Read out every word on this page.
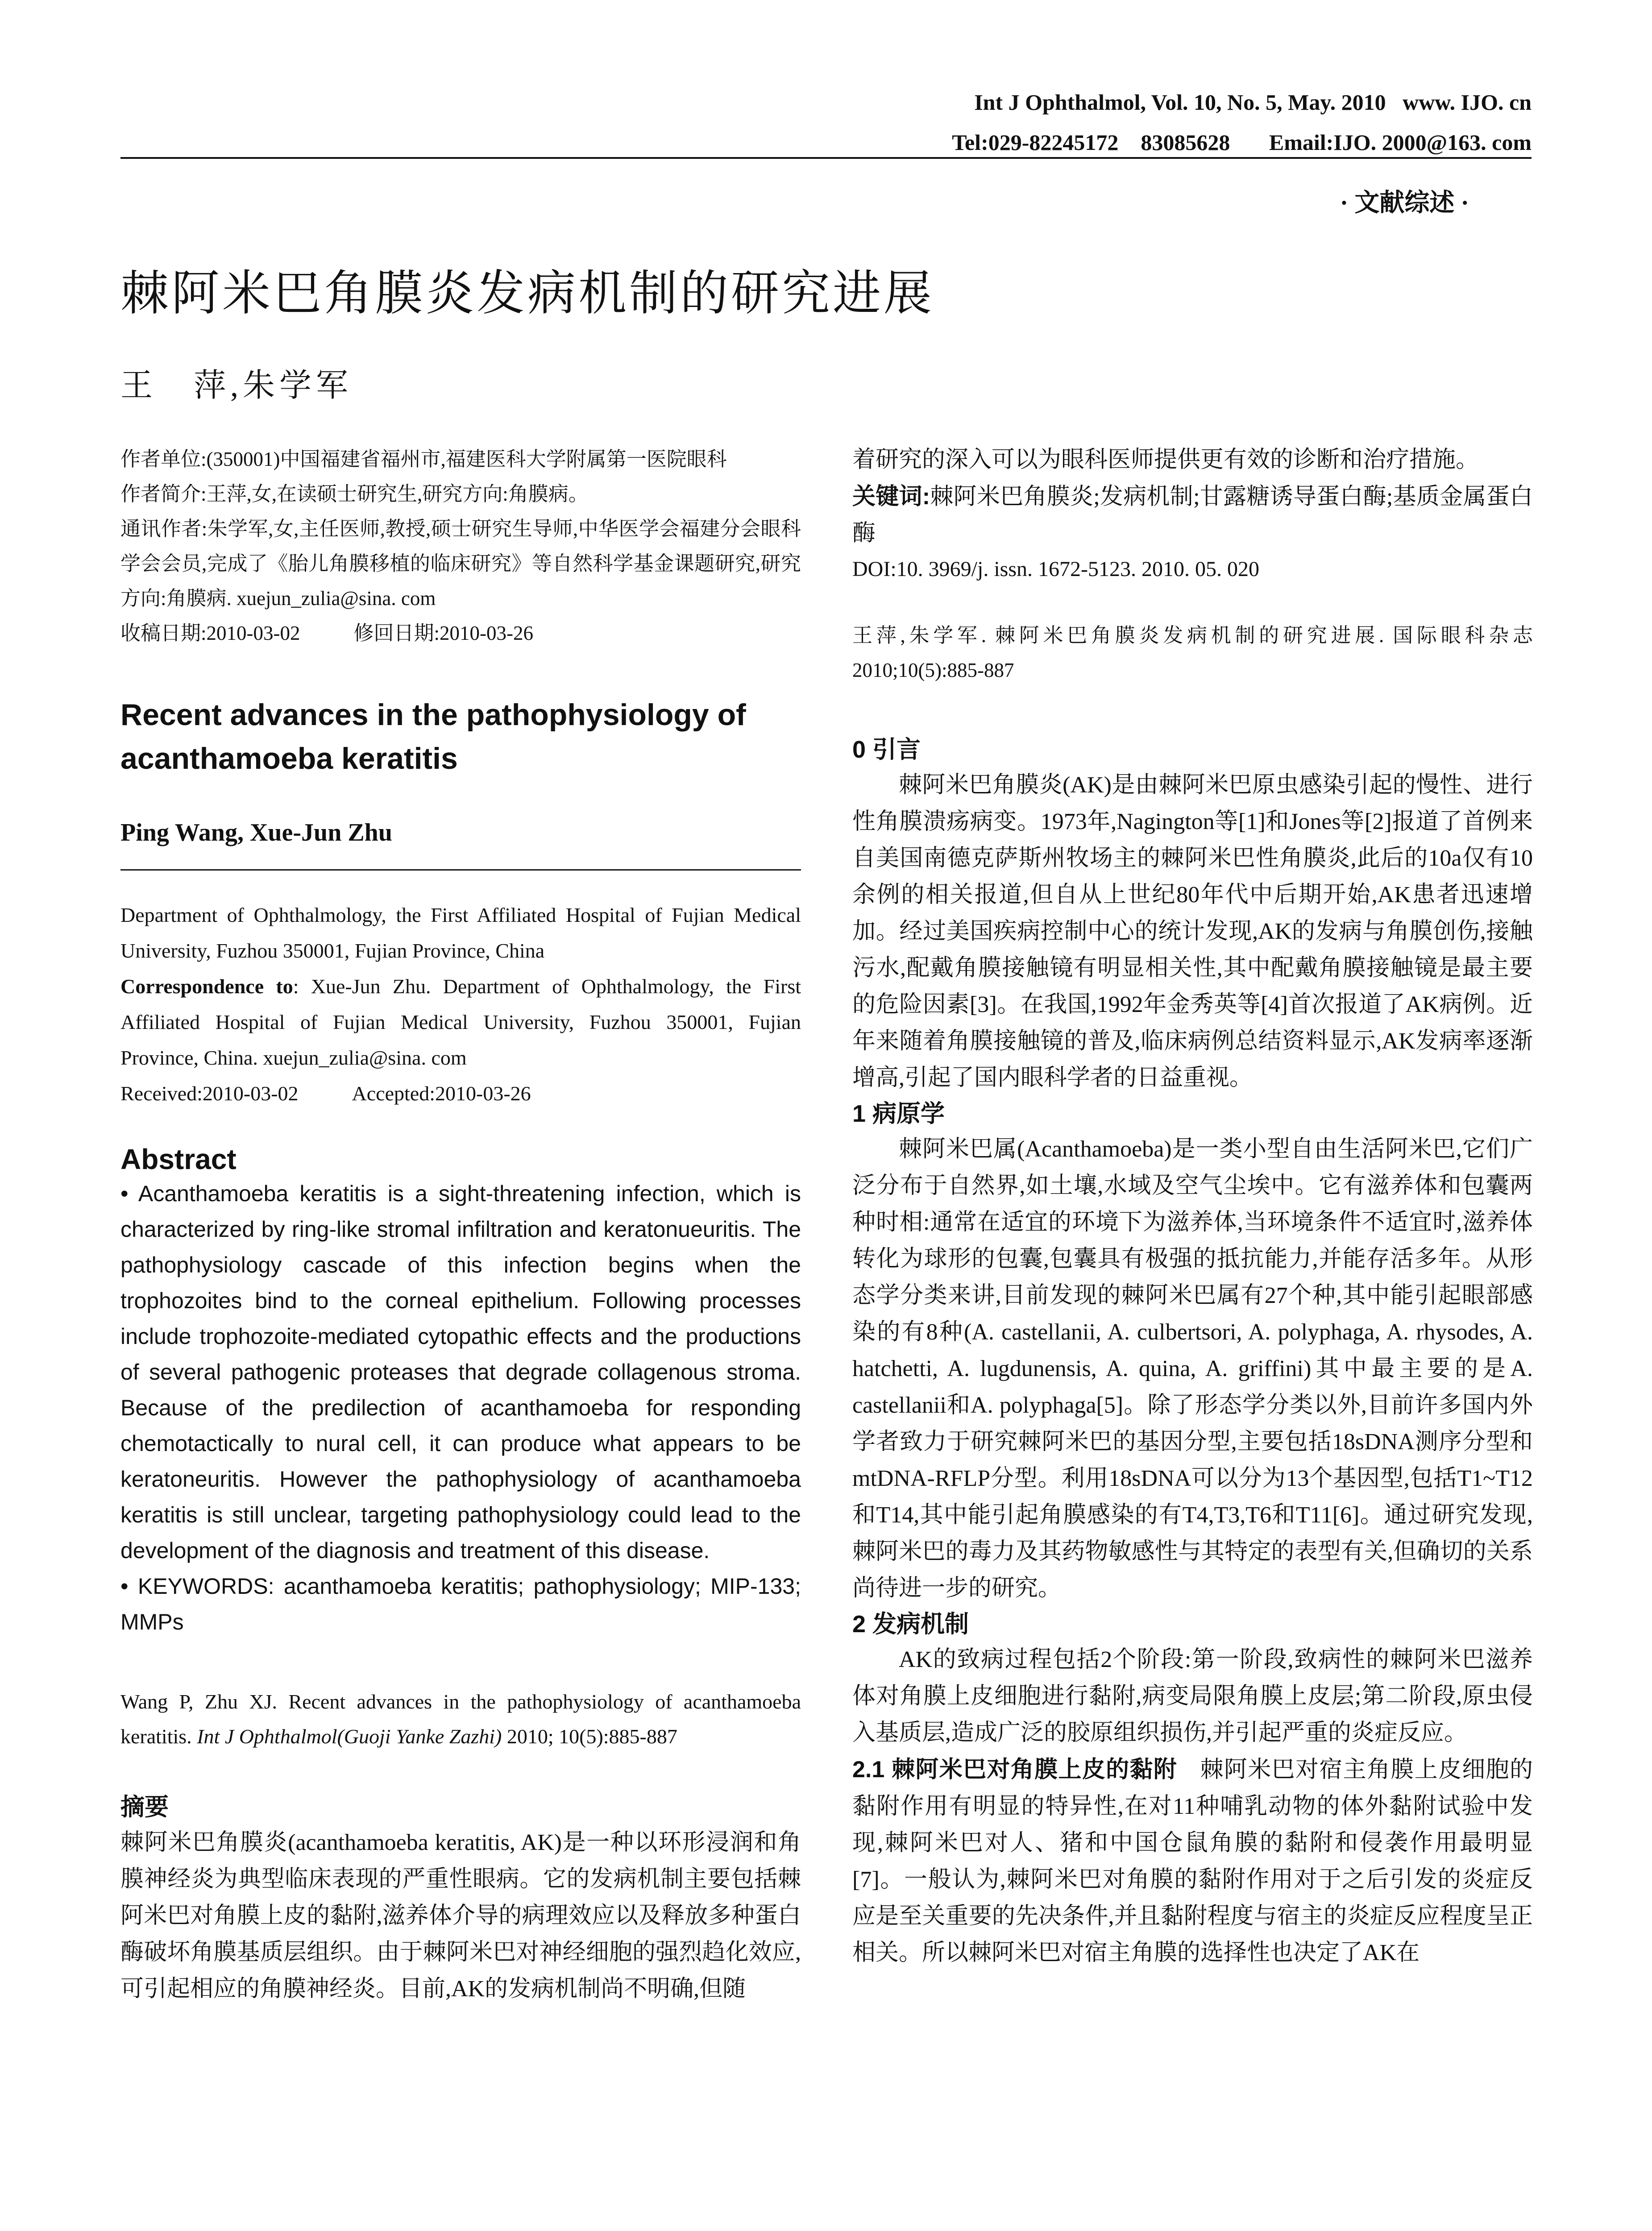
Int J Ophthalmol, Vol. 10, No. 5, May. 2010   www. IJO. cn
Tel:029-82245172    83085628       Email:IJO. 2000@163. com
· 文献综述 ·
棘阿米巴角膜炎发病机制的研究进展
王　萍,朱学军

作者单位:(350001)中国福建省福州市,福建医科大学附属第一医院眼科

作者简介:王萍,女,在读硕士研究生,研究方向:角膜病。

通讯作者:朱学军,女,主任医师,教授,硕士研究生导师,中华医学会福建分会眼科学会会员,完成了《胎儿角膜移植的临床研究》等自然科学基金课题研究,研究方向:角膜病. xuejun_zulia@sina. com

收稿日期:2010-03-02	修回日期:2010-03-26

Recent advances in the pathophysiology of acanthamoeba keratitis

Ping Wang, Xue-Jun Zhu

Department of Ophthalmology, the First Affiliated Hospital of Fujian Medical University, Fuzhou 350001, Fujian Province, China

Correspondence to: Xue-Jun Zhu. Department of Ophthalmology, the First Affiliated Hospital of Fujian Medical University, Fuzhou 350001, Fujian Province, China. xuejun_zulia@sina. com

Received:2010-03-02	Accepted:2010-03-26

Abstract

• Acanthamoeba keratitis is a sight-threatening infection, which is characterized by ring-like stromal infiltration and keratonueuritis. The pathophysiology cascade of this infection begins when the trophozoites bind to the corneal epithelium. Following processes include trophozoite-mediated cytopathic effects and the productions of several pathogenic proteases that degrade collagenous stroma. Because of the predilection of acanthamoeba for responding chemotactically to nural cell, it can produce what appears to be keratoneuritis. However the pathophysiology of acanthamoeba keratitis is still unclear, targeting pathophysiology could lead to the development of the diagnosis and treatment of this disease.

• KEYWORDS: acanthamoeba keratitis; pathophysiology; MIP-133; MMPs

Wang P, Zhu XJ. Recent advances in the pathophysiology of acanthamoeba keratitis. Int J Ophthalmol(Guoji Yanke Zazhi) 2010; 10(5):885-887

摘要

棘阿米巴角膜炎(acanthamoeba keratitis, AK)是一种以环形浸润和角膜神经炎为典型临床表现的严重性眼病。它的发病机制主要包括棘阿米巴对角膜上皮的黏附,滋养体介导的病理效应以及释放多种蛋白酶破坏角膜基质层组织。由于棘阿米巴对神经细胞的强烈趋化效应,可引起相应的角膜神经炎。目前,AK的发病机制尚不明确,但随

着研究的深入可以为眼科医师提供更有效的诊断和治疗措施。

关键词:棘阿米巴角膜炎;发病机制;甘露糖诱导蛋白酶;基质金属蛋白酶

DOI:10. 3969/j. issn. 1672-5123. 2010. 05. 020

王萍,朱学军. 棘阿米巴角膜炎发病机制的研究进展. 国际眼科杂志 2010;10(5):885-887

0 引言

棘阿米巴角膜炎(AK)是由棘阿米巴原虫感染引起的慢性、进行性角膜溃疡病变。1973年,Nagington等[1]和Jones等[2]报道了首例来自美国南德克萨斯州牧场主的棘阿米巴性角膜炎,此后的10a仅有10余例的相关报道,但自从上世纪80年代中后期开始,AK患者迅速增加。经过美国疾病控制中心的统计发现,AK的发病与角膜创伤,接触污水,配戴角膜接触镜有明显相关性,其中配戴角膜接触镜是最主要的危险因素[3]。在我国,1992年金秀英等[4]首次报道了AK病例。近年来随着角膜接触镜的普及,临床病例总结资料显示,AK发病率逐渐增高,引起了国内眼科学者的日益重视。

1 病原学

棘阿米巴属(Acanthamoeba)是一类小型自由生活阿米巴,它们广泛分布于自然界,如土壤,水域及空气尘埃中。它有滋养体和包囊两种时相:通常在适宜的环境下为滋养体,当环境条件不适宜时,滋养体转化为球形的包囊,包囊具有极强的抵抗能力,并能存活多年。从形态学分类来讲,目前发现的棘阿米巴属有27个种,其中能引起眼部感染的有8种(A. castellanii, A. culbertsori, A. polyphaga, A. rhysodes, A. hatchetti, A. lugdunensis, A. quina, A. griffini)其中最主要的是A. castellanii和A. polyphaga[5]。除了形态学分类以外,目前许多国内外学者致力于研究棘阿米巴的基因分型,主要包括18sDNA测序分型和mtDNA-RFLP分型。利用18sDNA可以分为13个基因型,包括T1~T12和T14,其中能引起角膜感染的有T4,T3,T6和T11[6]。通过研究发现,棘阿米巴的毒力及其药物敏感性与其特定的表型有关,但确切的关系尚待进一步的研究。

2 发病机制

AK的致病过程包括2个阶段:第一阶段,致病性的棘阿米巴滋养体对角膜上皮细胞进行黏附,病变局限角膜上皮层;第二阶段,原虫侵入基质层,造成广泛的胶原组织损伤,并引起严重的炎症反应。

2.1 棘阿米巴对角膜上皮的黏附 棘阿米巴对宿主角膜上皮细胞的黏附作用有明显的特异性,在对11种哺乳动物的体外黏附试验中发现,棘阿米巴对人、猪和中国仓鼠角膜的黏附和侵袭作用最明显[7]。一般认为,棘阿米巴对角膜的黏附作用对于之后引发的炎症反应是至关重要的先决条件,并且黏附程度与宿主的炎症反应程度呈正相关。所以棘阿米巴对宿主角膜的选择性也决定了AK在
